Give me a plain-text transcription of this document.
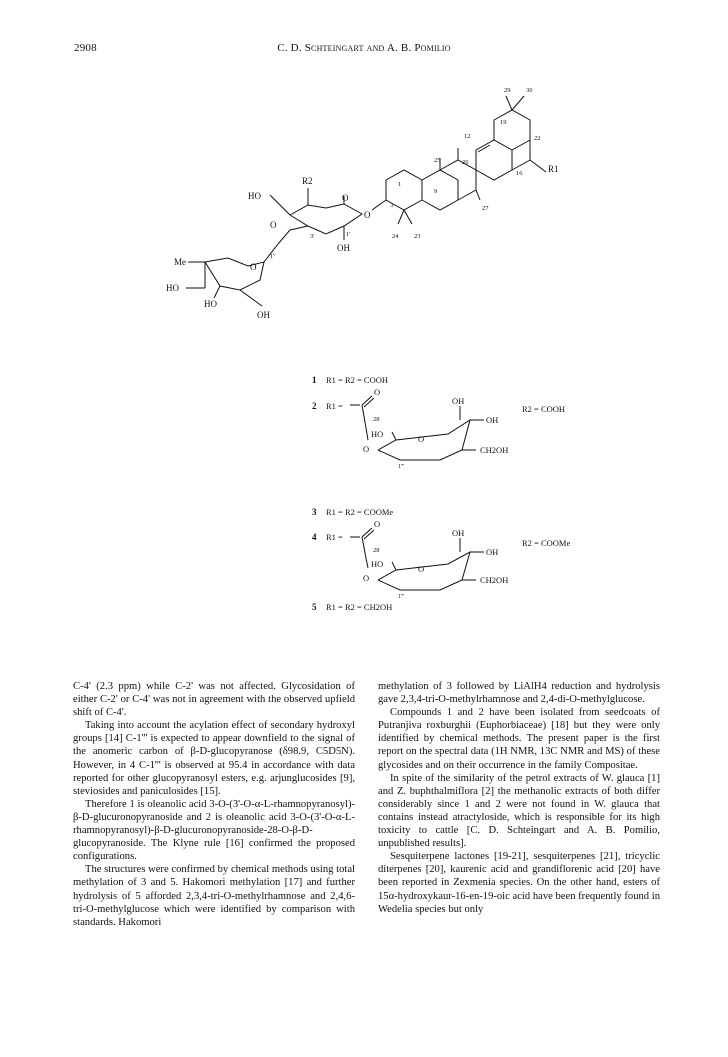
2908	C. D. Schteingart and A. B. Pomilio
29 30
19
22
12
25	26
16
1
9
3	27
24 23
R1
HO
R2
O
OH
O
O
3'	1'
Me	O
1''
HO
HO
OH
1 R1 = R2 = COOH
2 R1 =
O
28
O
HO	O
OH
OH
CH2OH
1'''
R2 = COOH
3 R1 = R2 = COOMe
4 R1 =
O
28
O
HO	O
OH
OH
CH2OH
1'''
R2 = COOMe
5 R1 = R2 = CH2OH

C-4' (2.3 ppm) while C-2' was not affected. Glycosidation of either C-2' or C-4' was not in agreement with the observed upfield shift of C-4'.

Taking into account the acylation effect of secondary hydroxyl groups [14] C-1''' is expected to appear downfield to the signal of the anomeric carbon of β-D-glucopyranose (δ98.9, C5D5N). However, in 4 C-1''' is observed at 95.4 in accordance with data reported for other glucopyranosyl esters, e.g. arjunglucosides [9], steviosides and paniculosides [15].

Therefore 1 is oleanolic acid 3-O-(3'-O-α-L-rhamnopyranosyl)-β-D-glucuronopyranoside and 2 is oleanolic acid 3-O-(3'-O-α-L-rhamnopyranosyl)-β-D-glucuronopyranoside-28-O-β-D-glucopyranoside. The Klyne rule [16] confirmed the proposed configurations.

The structures were confirmed by chemical methods using total methylation of 3 and 5. Hakomori methylation [17] and further hydrolysis of 5 afforded 2,3,4-tri-O-methylrhamnose and 2,4,6-tri-O-methylglucose which were identified by comparison with standards. Hakomori

methylation of 3 followed by LiAlH4 reduction and hydrolysis gave 2,3,4-tri-O-methylrhamnose and 2,4-di-O-methylglucose.

Compounds 1 and 2 have been isolated from seedcoats of Putranjiva roxburghii (Euphorbiaceae) [18] but they were only identified by chemical methods. The present paper is the first report on the spectral data (1H NMR, 13C NMR and MS) of these glycosides and on their occurrence in the family Compositae.

In spite of the similarity of the petrol extracts of W. glauca [1] and Z. buphthalmiflora [2] the methanolic extracts of both differ considerably since 1 and 2 were not found in W. glauca that contains instead atractyloside, which is responsible for its high toxicity to cattle [C. D. Schteingart and A. B. Pomilio, unpublished results].

Sesquiterpene lactones [19-21], sesquiterpenes [21], tricyclic diterpenes [20], kaurenic acid and grandiflorenic acid [20] have been reported in Zexmenia species. On the other hand, esters of 15α-hydroxykaur-16-en-19-oic acid have been frequently found in Wedelia species but only
